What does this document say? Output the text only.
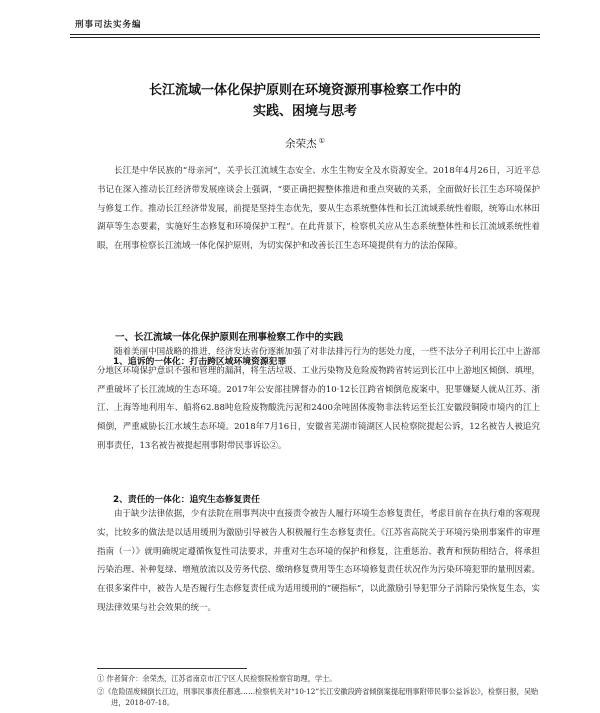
刑事司法实务编
长江流域一体化保护原则在环境资源刑事检察工作中的
实践、困境与思考
余荣杰 ①

长江是中华民族的“母亲河”，关乎长江流域生态安全、水生生物安全及水资源安全。2018年4月26日，习近平总书记在深入推动长江经济带发展座谈会上强调，“要正确把握整体推进和重点突破的关系，全面做好长江生态环境保护与修复工作。推动长江经济带发展，前提是坚持生态优先，要从生态系统整体性和长江流域系统性着眼，统筹山水林田湖草等生态要素，实施好生态修复和环境保护工程”。在此背景下，检察机关应从生态系统整体性和长江流域系统性着眼，在刑事检察长江流域一体化保护原则，为切实保护和改善长江生态环境提供有力的法治保障。

一、长江流域一体化保护原则在刑事检察工作中的实践
1、追诉的一体化：打击跨区域环境资源犯罪

随着美丽中国战略的推进，经济发达省份逐渐加强了对非法排污行为的惩处力度，一些不法分子利用长江中上游部分地区环境保护意识不强和管理的漏洞，将生活垃圾、工业污染物及危险废物跨省转运到长江中上游地区倾倒、填埋，严重破坏了长江流域的生态环境。2017年公安部挂牌督办的10·12长江跨省倾倒危废案中，犯罪嫌疑人就从江苏、浙江、上海等地利用车、船将62.88吨危险废物酸洗污泥和2400余吨固体废物非法转运至长江安徽段铜陵市境内的江上倾倒，严重威胁长江水域生态环境。2018年7月16日，安徽省芜湖市镜湖区人民检察院提起公诉，12名被告人被追究刑事责任，13名被告被提起刑事附带民事诉讼②。

2、责任的一体化：追究生态修复责任

由于缺少法律依据，少有法院在刑事判决中直接责令被告人履行环境生态修复责任，考虑目前存在执行难的客观现实，比较多的做法是以适用缓刑为激励引导被告人积极履行生态修复责任。《江苏省高院关于环境污染刑事案件的审理指南（一）》就明确规定遵循恢复性司法要求，并重对生态环境的保护和修复，注重惩治、教育和预防相结合，将承担污染治理、补种复绿、增殖放流以及劳务代偿、缴纳修复费用等生态环境修复责任状况作为污染环境犯罪的量刑因素。在很多案件中，被告人是否履行生态修复责任成为适用缓刑的“硬指标”，以此激励引导犯罪分子消除污染恢复生态，实现法律效果与社会效果的统一。

① 作者简介：余荣杰，江苏省南京市江宁区人民检察院检察官助理，学士。
②《危险固废倾倒长江边，刑事民事责任都逃……检察机关对“10·12”长江安徽段跨省倾倒案提起刑事附带民事公益诉讼》，检察日报，吴贻进，2018-07-18。
